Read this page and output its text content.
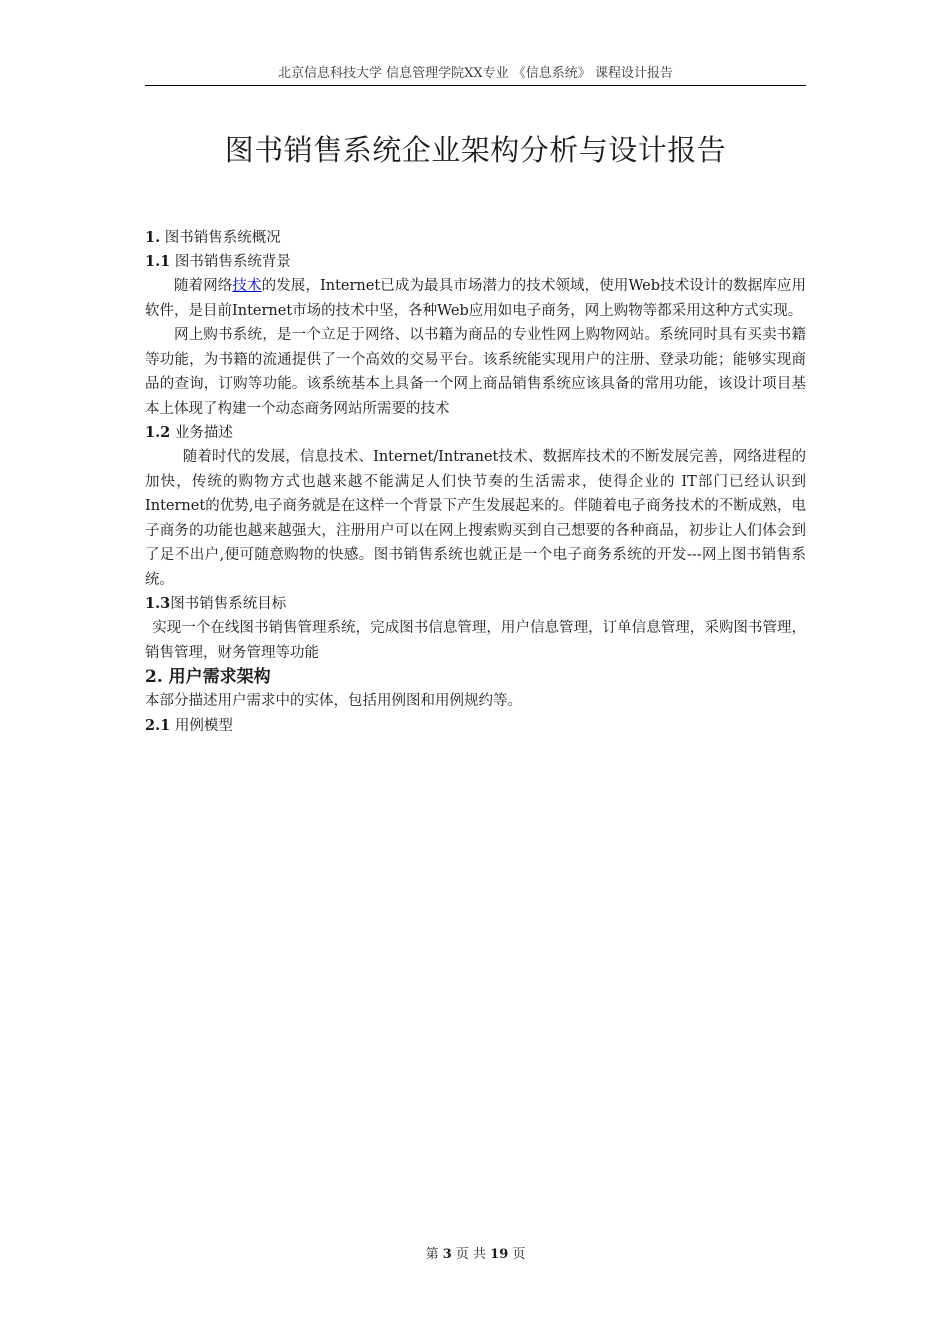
北京信息科技大学 信息管理学院XX专业 《信息系统》 课程设计报告
图书销售系统企业架构分析与设计报告

1. 图书销售系统概况

1.1 图书销售系统背景

随着网络技术的发展，Internet已成为最具市场潜力的技术领域，使用Web技术设计的数据库应用软件，是目前Internet市场的技术中坚，各种Web应用如电子商务，网上购物等都采用这种方式实现。

网上购书系统，是一个立足于网络、以书籍为商品的专业性网上购物网站。系统同时具有买卖书籍等功能，为书籍的流通提供了一个高效的交易平台。该系统能实现用户的注册、登录功能；能够实现商品的查询，订购等功能。该系统基本上具备一个网上商品销售系统应该具备的常用功能，该设计项目基本上体现了构建一个动态商务网站所需要的技术

1.2 业务描述

随着时代的发展，信息技术、Internet/Intranet技术、数据库技术的不断发展完善，网络进程的加快，传统的购物方式也越来越不能满足人们快节奏的生活需求，使得企业的 IT部门已经认识到Internet的优势,电子商务就是在这样一个背景下产生发展起来的。伴随着电子商务技术的不断成熟，电子商务的功能也越来越强大，注册用户可以在网上搜索购买到自己想要的各种商品，初步让人们体会到了足不出户,便可随意购物的快感。图书销售系统也就正是一个电子商务系统的开发---网上图书销售系统。

1.3图书销售系统目标

实现一个在线图书销售管理系统，完成图书信息管理，用户信息管理，订单信息管理，采购图书管理，销售管理，财务管理等功能

2. 用户需求架构

本部分描述用户需求中的实体，包括用例图和用例规约等。

2.1 用例模型

第 3 页 共 19 页
